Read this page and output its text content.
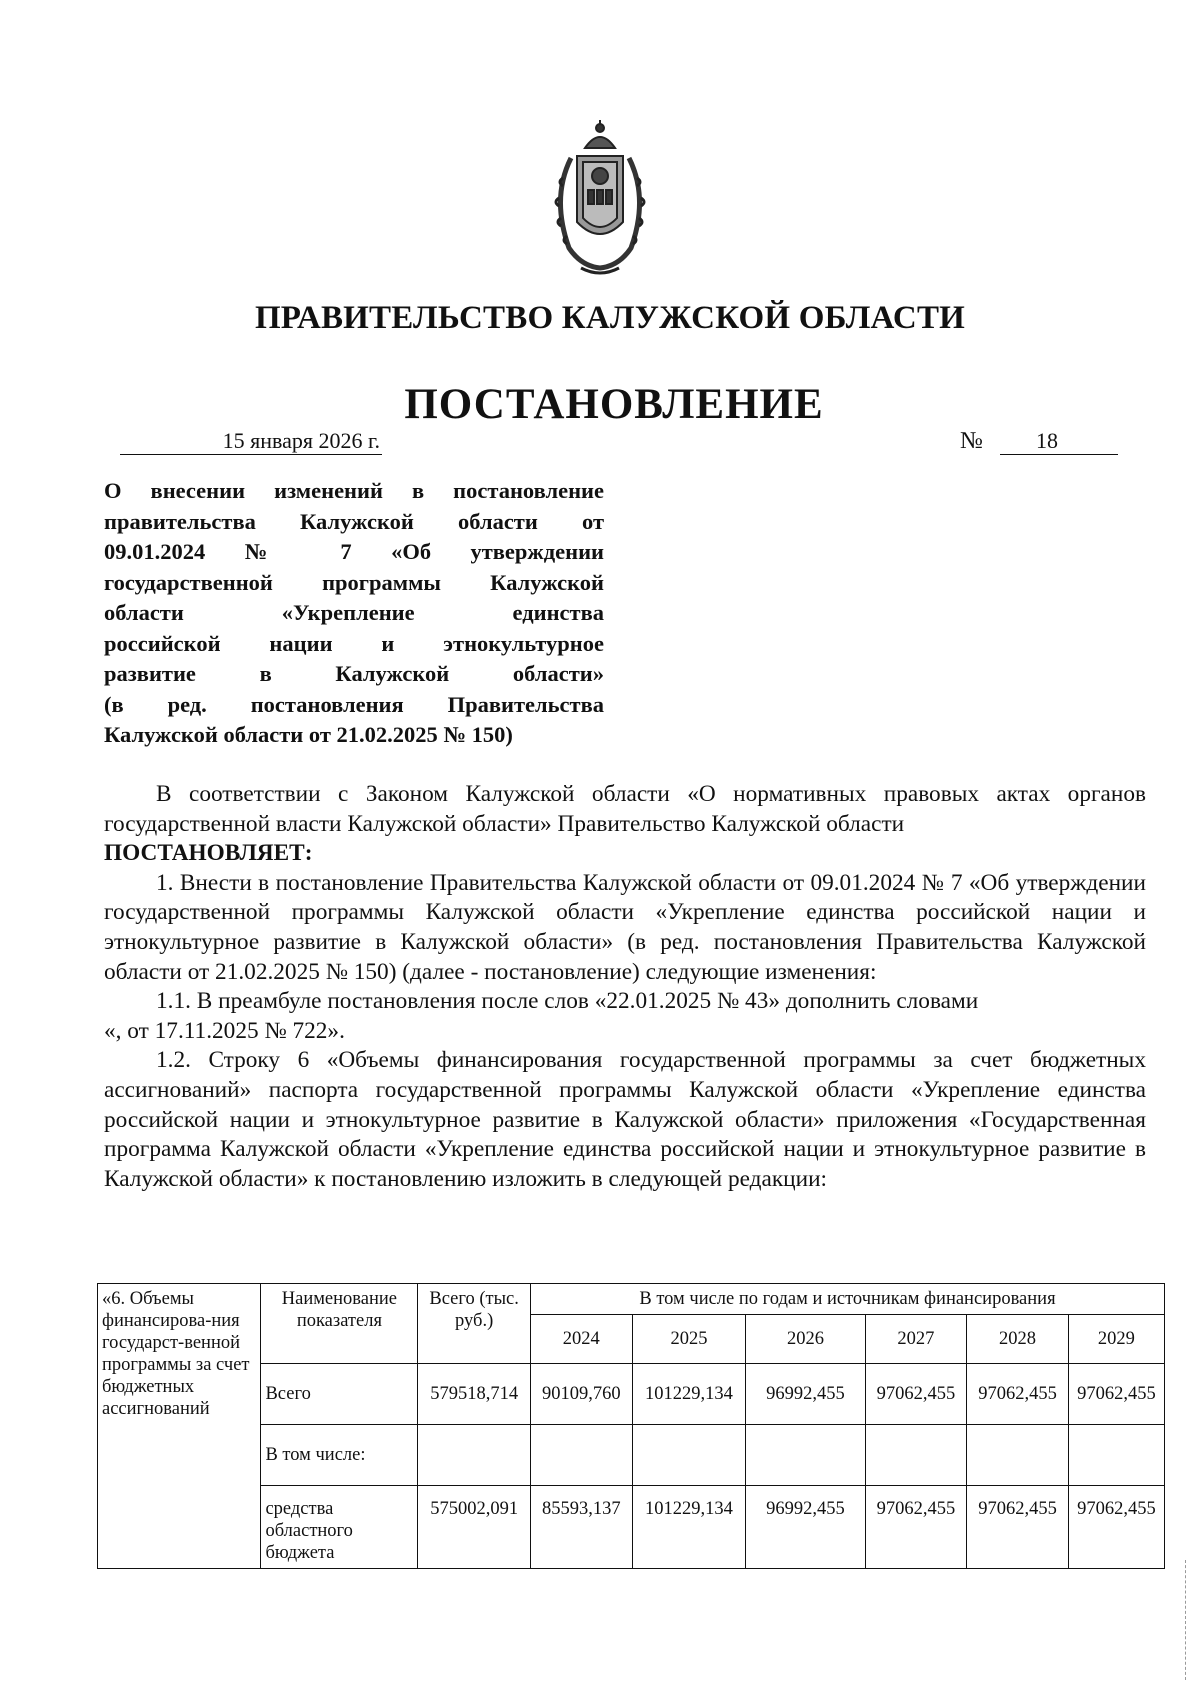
ПРАВИТЕЛЬСТВО КАЛУЖСКОЙ ОБЛАСТИ
ПОСТАНОВЛЕНИЕ
15 января 2026 г.	№	18
О внесении изменений в постановление
правительства Калужской области от
09.01.2024 № 7 «Об утверждении
государственной программы Калужской
области «Укрепление единства
российской нации и этнокультурное
развитие в Калужской области»
(в ред. постановления Правительства
Калужской области от 21.02.2025 № 150)

В соответствии с Законом Калужской области «О нормативных правовых актах органов государственной власти Калужской области» Правительство Калужской области

ПОСТАНОВЛЯЕТ:

1. Внести в постановление Правительства Калужской области от 09.01.2024 № 7 «Об утверждении государственной программы Калужской области «Укрепление единства российской нации и этнокультурное развитие в Калужской области» (в ред. постановления Правительства Калужской области от 21.02.2025 № 150) (далее - постановление) следующие изменения:

1.1. В преамбуле постановления после слов «22.01.2025 № 43» дополнить словами

«, от 17.11.2025 № 722».

1.2. Строку 6 «Объемы финансирования государственной программы за счет бюджетных ассигнований» паспорта государственной программы Калужской области «Укрепление единства российской нации и этнокультурное развитие в Калужской области» приложения «Государственная программа Калужской области «Укрепление единства российской нации и этнокультурное развитие в Калужской области» к постановлению изложить в следующей редакции:

«6. Объемы финансирова-ния государст-венной программы за счет бюджетных ассигнований	Наименование показателя	Всего (тыс. руб.)	В том числе по годам и источникам финансирования					
			2024	2025	2026	2027	2028	2029
	Всего	579518,714	90109,760	101229,134	96992,455	97062,455	97062,455	97062,455
	В том числе:							
	средства областного бюджета	575002,091	85593,137	101229,134	96992,455	97062,455	97062,455	97062,455
